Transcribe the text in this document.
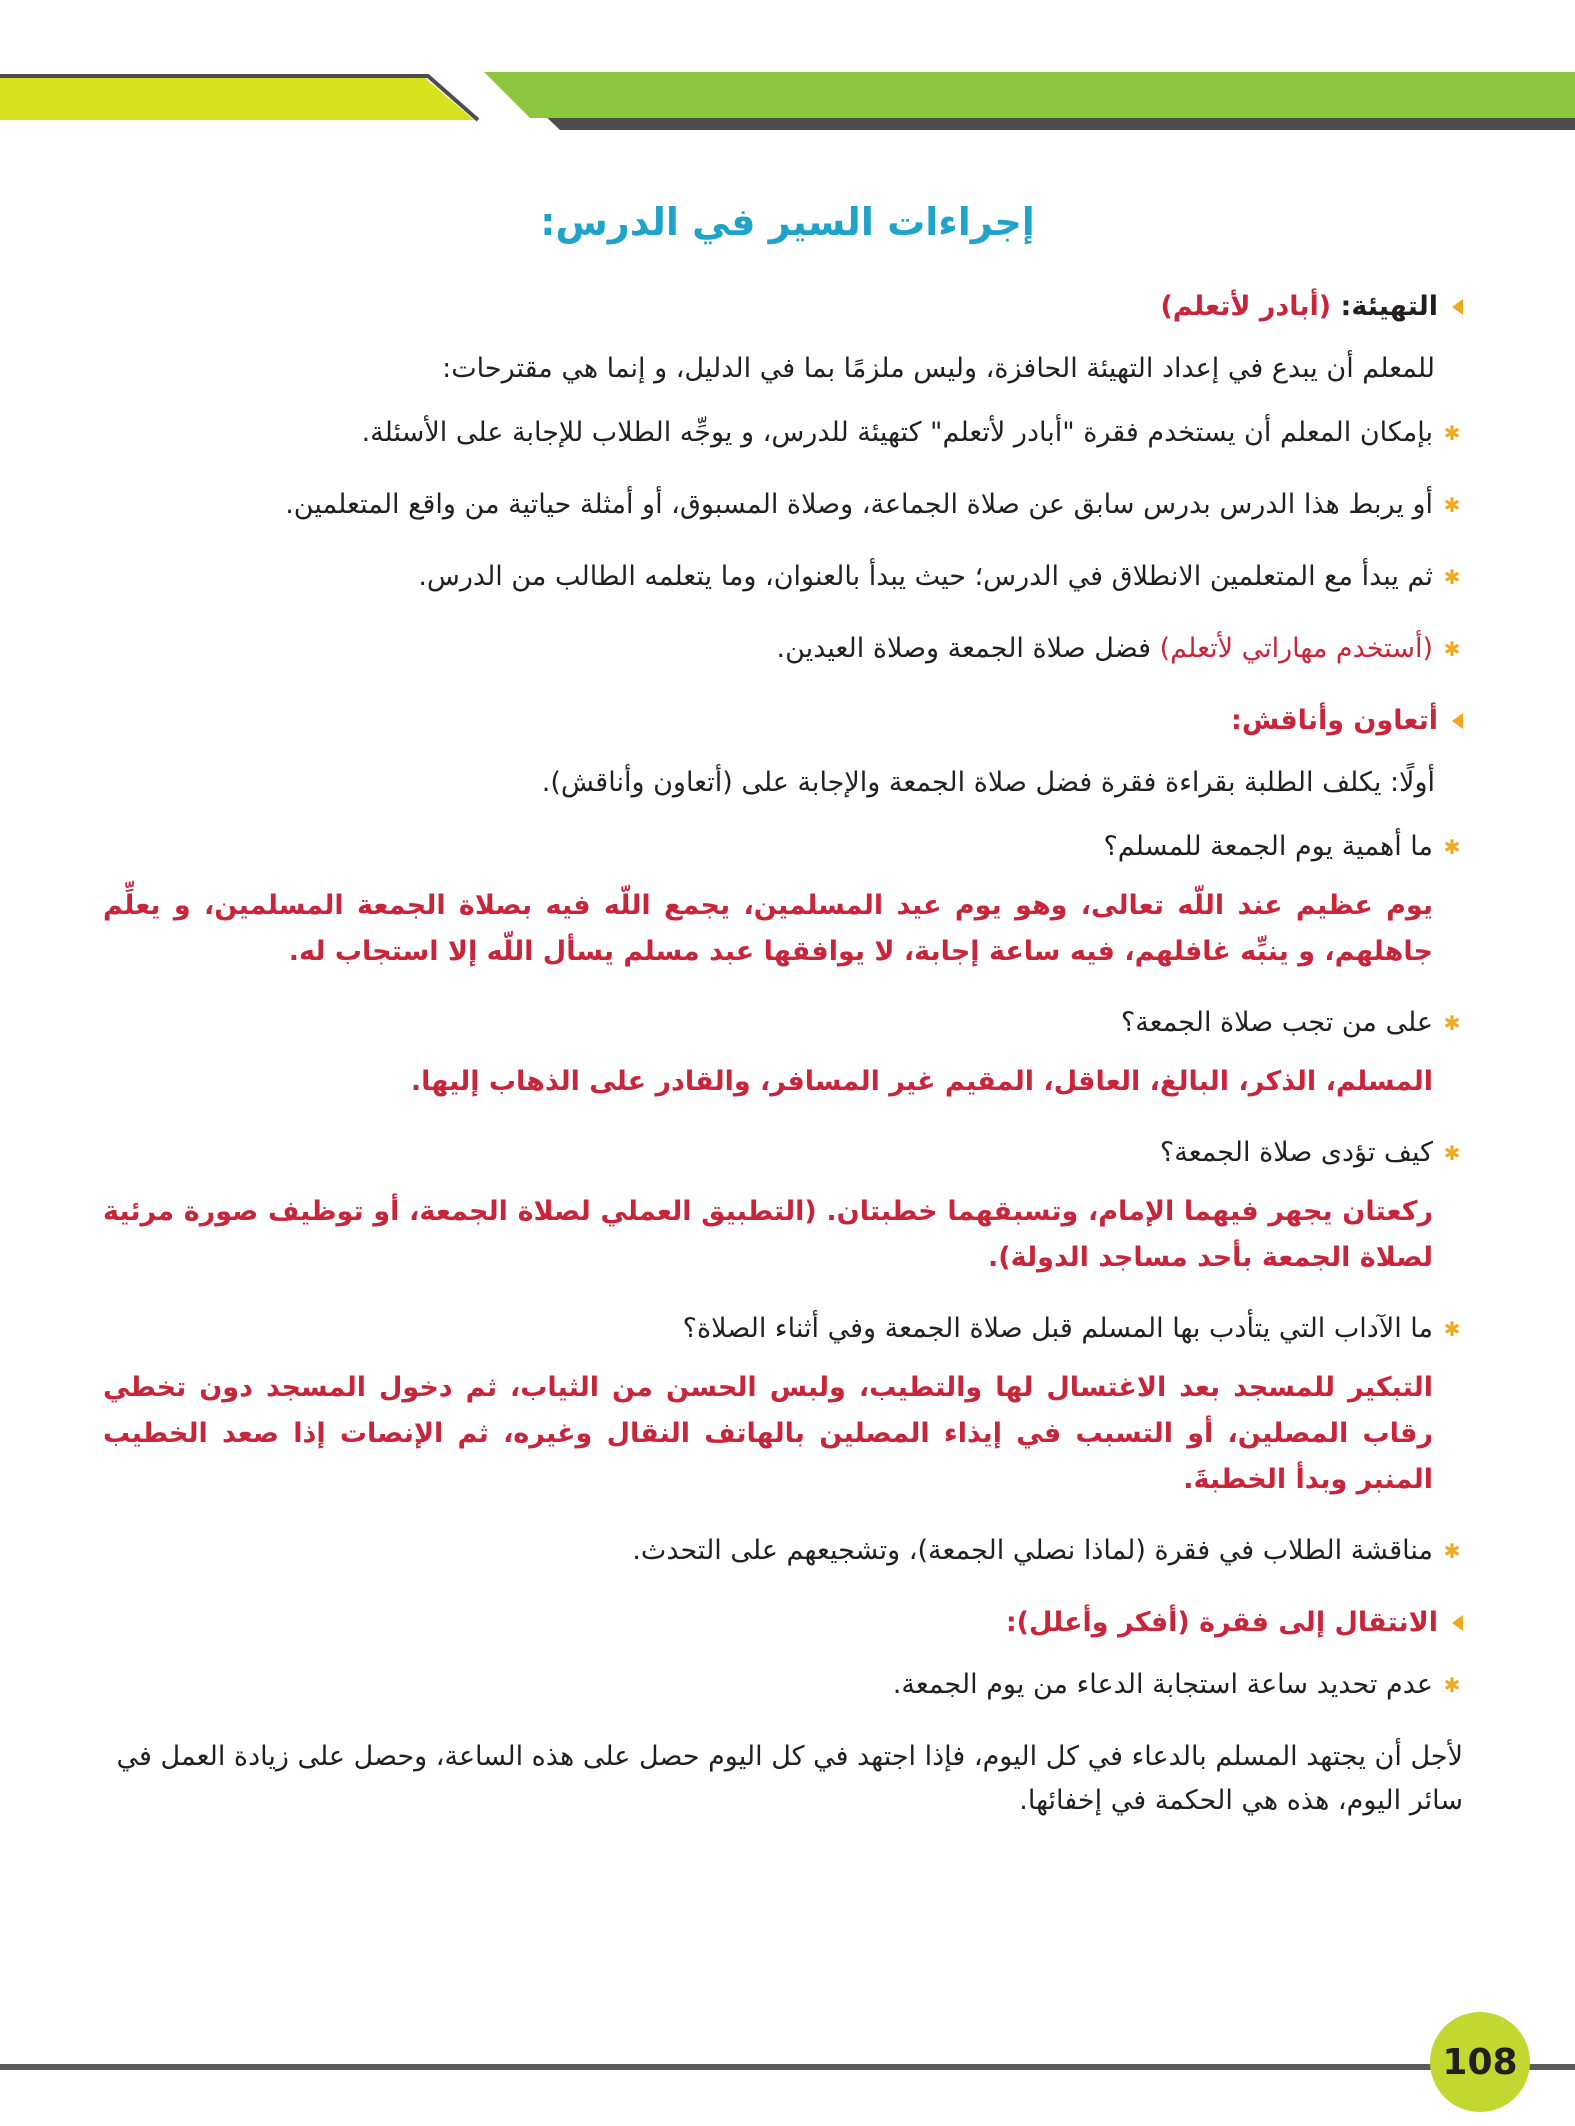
إجراءات السير في الدرس:
التهيئة: (أبادر لأتعلم)

للمعلم أن يبدع في إعداد التهيئة الحافزة، وليس ملزمًا بما في الدليل، و إنما هي مقترحات:

✱
بإمكان المعلم أن يستخدم فقرة "أبادر لأتعلم" كتهيئة للدرس، و يوجِّه الطلاب للإجابة على الأسئلة.
✱
أو يربط هذا الدرس بدرس سابق عن صلاة الجماعة، وصلاة المسبوق، أو أمثلة حياتية من واقع المتعلمين.
✱
ثم يبدأ مع المتعلمين الانطلاق في الدرس؛ حيث يبدأ بالعنوان، وما يتعلمه الطالب من الدرس.
✱
(أستخدم مهاراتي لأتعلم) فضل صلاة الجمعة وصلاة العيدين.
أتعاون وأناقش:

أولًا: يكلف الطلبة بقراءة فقرة فضل صلاة الجمعة والإجابة على (أتعاون وأناقش).

✱
ما أهمية يوم الجمعة للمسلم؟

يوم عظيم عند اللّه تعالى، وهو يوم عيد المسلمين، يجمع اللّه فيه بصلاة الجمعة المسلمين، و يعلِّم جاهلهم، و ينبِّه غافلهم، فيه ساعة إجابة، لا يوافقها عبد مسلم يسأل اللّه إلا استجاب له.

✱
على من تجب صلاة الجمعة؟

المسلم، الذكر، البالغ، العاقل، المقيم غير المسافر، والقادر على الذهاب إليها.

✱
كيف تؤدى صلاة الجمعة؟

ركعتان يجهر فيهما الإمام، وتسبقهما خطبتان. (التطبيق العملي لصلاة الجمعة، أو توظيف صورة مرئية لصلاة الجمعة بأحد مساجد الدولة).

✱
ما الآداب التي يتأدب بها المسلم قبل صلاة الجمعة وفي أثناء الصلاة؟

التبكير للمسجد بعد الاغتسال لها والتطيب، ولبس الحسن من الثياب، ثم دخول المسجد دون تخطي رقاب المصلين، أو التسبب في إيذاء المصلين بالهاتف النقال وغيره، ثم الإنصات إذا صعد الخطيب المنبر وبدأ الخطبةَ.

✱
مناقشة الطلاب في فقرة (لماذا نصلي الجمعة)، وتشجيعهم على التحدث.
الانتقال إلى فقرة (أفكر وأعلل):
✱
عدم تحديد ساعة استجابة الدعاء من يوم الجمعة.

لأجل أن يجتهد المسلم بالدعاء في كل اليوم، فإذا اجتهد في كل اليوم حصل على هذه الساعة، وحصل على زيادة العمل في سائر اليوم، هذه هي الحكمة في إخفائها.

108
